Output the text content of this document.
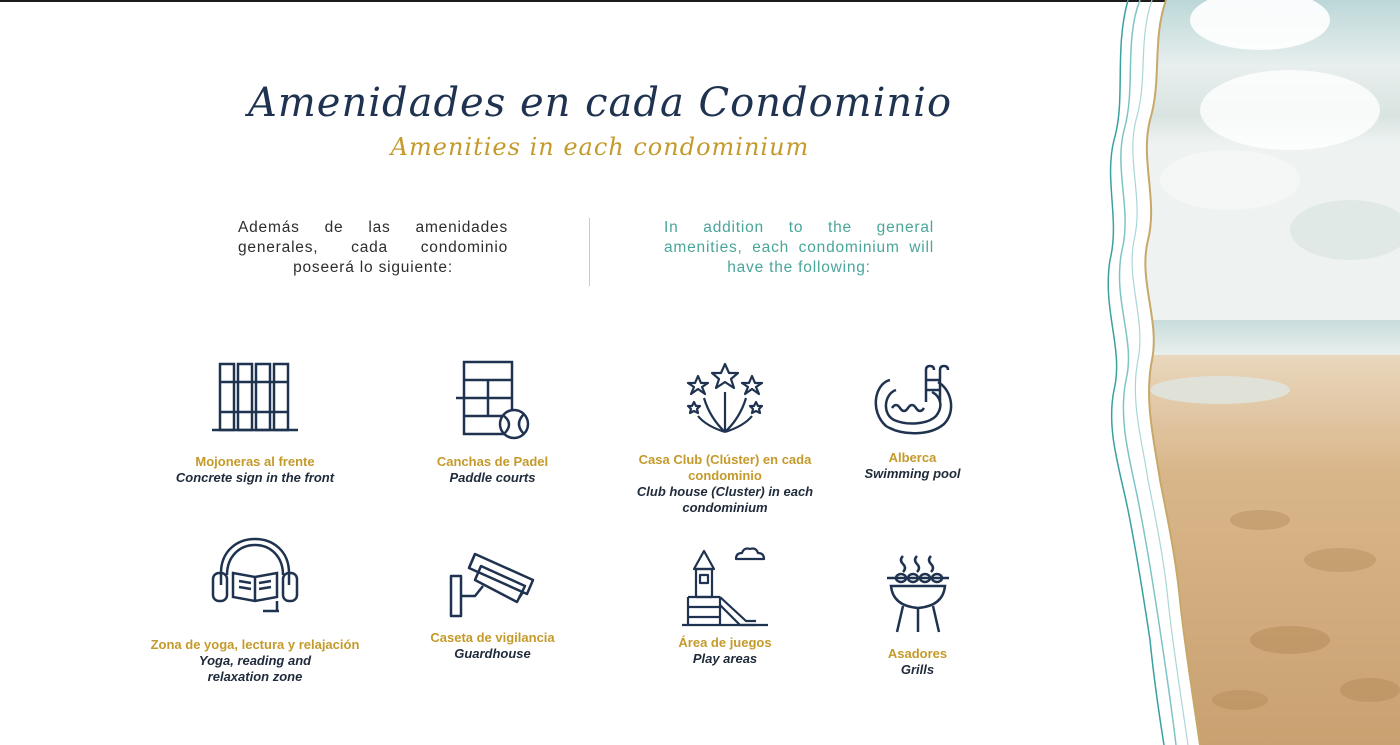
Amenidades en cada Condominio

Amenities in each condominium

Además de las amenidades generales, cada condominio poseerá lo siguiente:

In addition to the general amenities, each condominium will have the following:

Mojoneras al frente
Concrete sign in the front
Canchas de Padel
Paddle courts
Casa Club (Clúster) en cada condominio
Club house (Cluster) in each condominium
Alberca
Swimming pool
Zona de yoga, lectura y relajación
Yoga, reading and relaxation zone
Caseta de vigilancia
Guardhouse
Área de juegos
Play areas	Asadores
Grills
